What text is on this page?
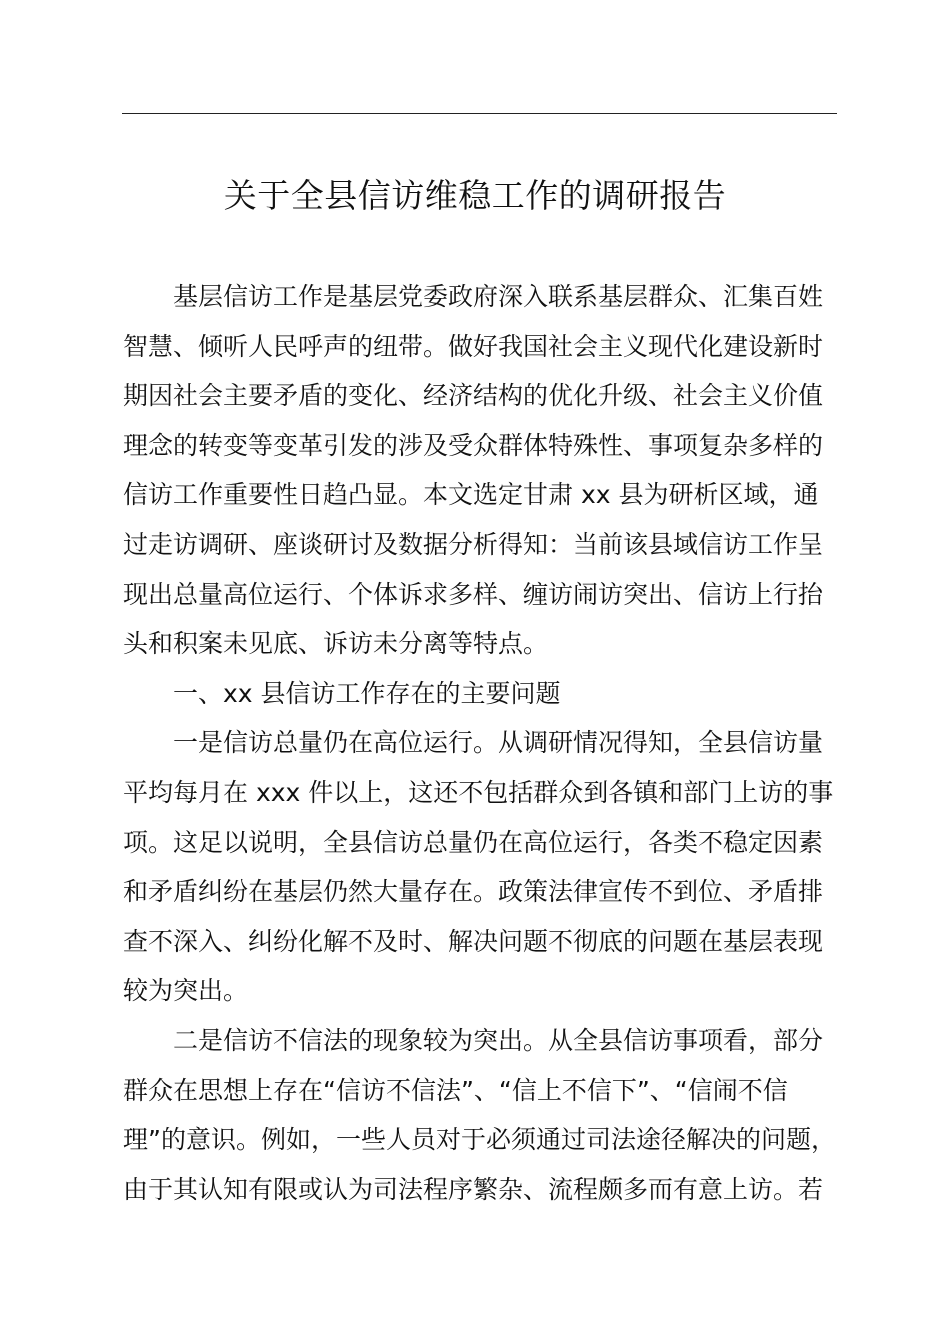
关于全县信访维稳工作的调研报告
基层信访工作是基层党委政府深入联系基层群众、汇集百姓
智慧、倾听人民呼声的纽带。做好我国社会主义现代化建设新时
期因社会主要矛盾的变化、经济结构的优化升级、社会主义价值
理念的转变等变革引发的涉及受众群体特殊性、事项复杂多样的
信访工作重要性日趋凸显。本文选定甘肃 xx 县为研析区域，通
过走访调研、座谈研讨及数据分析得知：当前该县域信访工作呈
现出总量高位运行、个体诉求多样、缠访闹访突出、信访上行抬
头和积案未见底、诉访未分离等特点。
一、xx 县信访工作存在的主要问题
一是信访总量仍在高位运行。从调研情况得知，全县信访量
平均每月在 xxx 件以上，这还不包括群众到各镇和部门上访的事
项。这足以说明，全县信访总量仍在高位运行，各类不稳定因素
和矛盾纠纷在基层仍然大量存在。政策法律宣传不到位、矛盾排
查不深入、纠纷化解不及时、解决问题不彻底的问题在基层表现
较为突出。
二是信访不信法的现象较为突出。从全县信访事项看，部分
群众在思想上存在“信访不信法”、“信上不信下”、“信闹不信
理”的意识。例如，一些人员对于必须通过司法途径解决的问题，
由于其认知有限或认为司法程序繁杂、流程颇多而有意上访。若
